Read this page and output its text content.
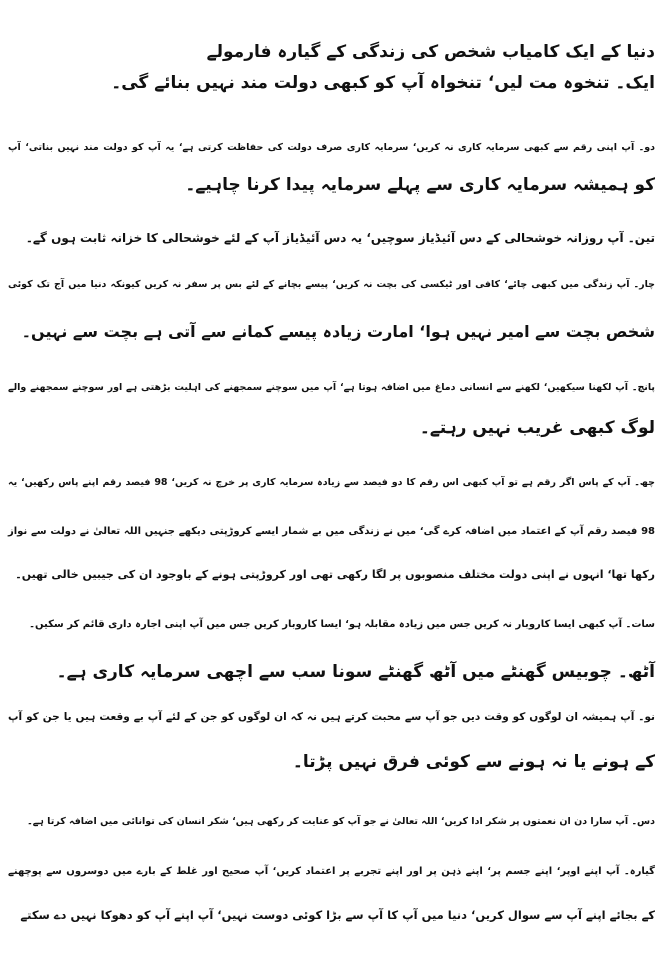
دنیا کے ایک کامیاب شخص کی زندگی کے گیارہ فارمولے
ایک۔ تنخوہ مت لیں‘ تنخواہ آپ کو کبھی دولت مند نہیں بنائے گی۔
دو۔ آپ اپنی رقم سے کبھی سرمایہ کاری نہ کریں‘ سرمایہ کاری صرف دولت کی حفاظت کرتی ہے‘ یہ آپ کو دولت مند نہیں بناتی‘ آپ
کو ہمیشہ سرمایہ کاری سے پہلے سرمایہ پیدا کرنا چاہیے۔
تین۔ آپ روزانہ خوشحالی کے دس آئیڈیاز سوچیں‘ یہ دس آئیڈیاز آپ کے لئے خوشحالی کا خزانہ ثابت ہوں گے۔
چار۔ آپ زندگی میں کبھی چائے‘ کافی اور ٹیکسی کی بچت نہ کریں‘ پیسے بچانے کے لئے بس پر سفر نہ کریں کیونکہ دنیا میں آج تک کوئی
شخص بچت سے امیر نہیں ہوا‘ امارت زیادہ پیسے کمانے سے آتی ہے بچت سے نہیں۔
پانچ۔ آپ لکھنا سیکھیں‘ لکھنے سے انسانی دماغ میں اضافہ ہوتا ہے‘ آپ میں سوچنے سمجھنے کی اہلیت بڑھتی ہے اور سوچنے سمجھنے والے
لوگ کبھی غریب نہیں رہتے۔
چھ۔ آپ کے پاس اگر رقم ہے تو آپ کبھی اس رقم کا دو فیصد سے زیادہ سرمایہ کاری پر خرچ نہ کریں‘ 98 فیصد رقم اپنے پاس رکھیں‘ یہ
98 فیصد رقم آپ کے اعتماد میں اضافہ کرے گی‘ میں نے زندگی میں بے شمار ایسے کروڑپتی دیکھے جنہیں اللہ تعالیٰ نے دولت سے نواز
رکھا تھا‘ انہوں نے اپنی دولت مختلف منصوبوں پر لگا رکھی تھی اور کروڑپتی ہونے کے باوجود ان کی جیبیں خالی تھیں۔
سات۔ آپ کبھی ایسا کاروبار نہ کریں جس میں زیادہ مقابلہ ہو‘ ایسا کاروبار کریں جس میں آپ اپنی اجارہ داری قائم کر سکیں۔
آٹھ۔ چوبیس گھنٹے میں آٹھ گھنٹے سونا سب سے اچھی سرمایہ کاری ہے۔
نو۔ آپ ہمیشہ ان لوگوں کو وقت دیں جو آپ سے محبت کرتے ہیں نہ کہ ان لوگوں کو جن کے لئے آپ بے وقعت ہیں یا جن کو آپ
کے ہونے یا نہ ہونے سے کوئی فرق نہیں پڑتا۔
دس۔ آپ سارا دن ان نعمتوں پر شکر ادا کریں‘ اللہ تعالیٰ نے جو آپ کو عنایت کر رکھی ہیں‘ شکر انسان کی توانائی میں اضافہ کرتا ہے۔
گیارہ۔ آپ اپنے اوپر‘ اپنے جسم پر‘ اپنے ذہن پر اور اپنے تجربے پر اعتماد کریں‘ آپ صحیح اور غلط کے بارے میں دوسروں سے پوچھنے
کے بجائے اپنے آپ سے سوال کریں‘ دنیا میں آپ کا آپ سے بڑا کوئی دوست نہیں‘ آپ اپنے آپ کو دھوکا نہیں دے سکتے
